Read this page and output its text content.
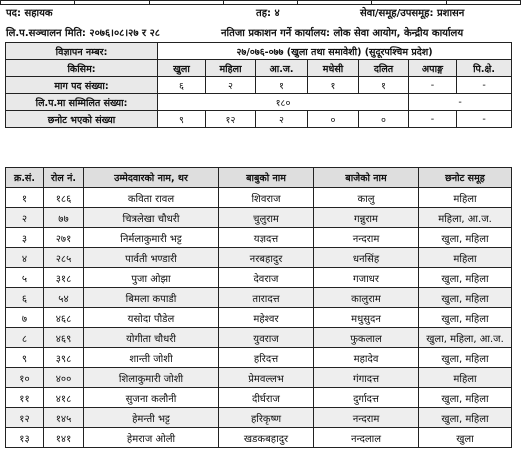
पद: सहायक	तह: ४	सेवा/समूह/उपसमूह: प्रशासन
लि.प.सञ्चालन मिति: २०७६।०८।२७ र २८	नतिजा प्रकाशन गर्ने कार्यालय: लोक सेवा आयोग, केन्द्रीय कार्यालय
विज्ञापन नम्बर:	२७/०७६-०७७ (खुला तथा समावेशी) (सुदूरपश्चिम प्रदेश)						
किसिम:	खुला	महिला	आ.ज.	मधेसी	दलित	अपाङ्ग	पि.क्षे.
माग पद संख्या:	६	२	१	१	१	-	-
लि.प.मा सम्मिलित संख्या:	१८०					-	
छनोट भएको संख्या	९	१२	२	०	०	-	-
क्र.सं.	रोल नं.	उम्मेदवारको नाम, थर	बाबुको नाम	बाजेको नाम	छनोट समूह
१	१८६	कविता रावल	शिवराज	कालु	महिला
२	७७	चित्रलेखा चौधरी	चुलुराम	गन्नुराम	महिला, आ.ज.
३	२७१	निर्मलाकुमारी भट्ट	यज्ञदत्त	नन्दराम	खुला, महिला
४	२८५	पार्वती भण्डारी	नरबहादुर	धनसिंह	महिला
५	३१८	पुजा ओझा	देवराज	गजाधर	खुला, महिला
६	५४	बिमला कपाडी	तारादत्त	कालुराम	खुला, महिला
७	४६८	यसोदा पौडेल	महेश्वर	मधुसुदन	खुला, महिला
८	४६९	योगीता चौधरी	युवराज	फुकलाल	खुला, महिला, आ.ज.
९	३९८	शान्ती जोशी	हरिदत्त	महादेव	खुला, महिला
१०	४००	शिलाकुमारी जोशी	प्रेमवल्लभ	गंगादत्त	महिला
११	४१८	सुजना कलौनी	दीर्घराज	दुर्गादत्त	खुला, महिला
१२	१४५	हेमन्ती भट्ट	हरिकृष्ण	नन्दराम	खुला, महिला
१३	१४१	हेमराज ओली	खडकबहादुर	नन्दलाल	खुला
